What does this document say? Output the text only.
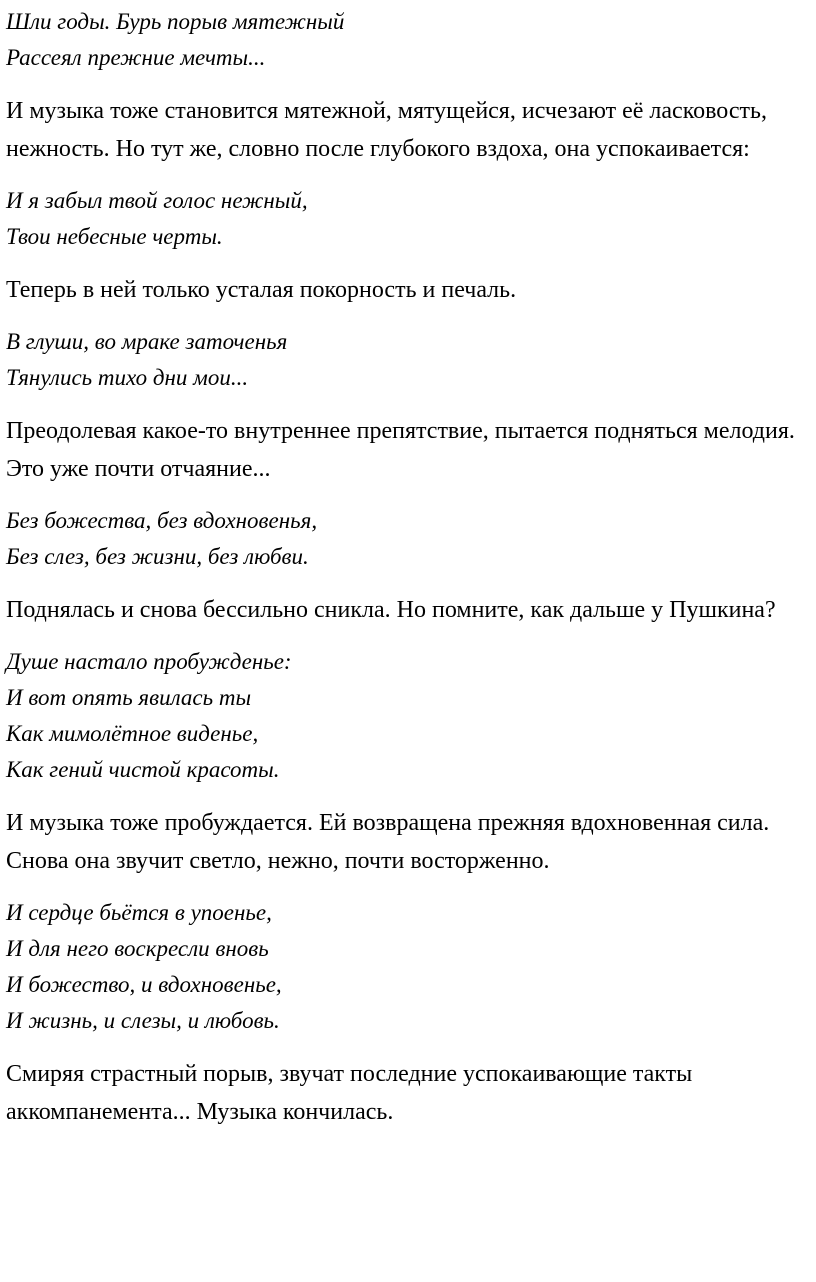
Шли годы. Бурь порыв мятежный
Рассеял прежние мечты...

И музыка тоже становится мятежной, мятущейся, исчезают её ласковость, нежность. Но тут же, словно после глубокого вздоха, она успокаивается:

И я забыл твой голос нежный,
Твои небесные черты.

Теперь в ней только усталая покорность и печаль.

В глуши, во мраке заточенья
Тянулись тихо дни мои...

Преодолевая какое-то внутреннее препятствие, пытается подняться мелодия. Это уже почти отчаяние...

Без божества, без вдохновенья,
Без слез, без жизни, без любви.

Поднялась и снова бессильно сникла. Но помните, как дальше у Пушкина?

Душе настало пробужденье:
И вот опять явилась ты
Как мимолётное виденье,
Как гений чистой красоты.

И музыка тоже пробуждается. Ей возвращена прежняя вдохновенная сила. Снова она звучит светло, нежно, почти восторженно.

И сердце бьётся в упоенье,
И для него воскресли вновь
И божество, и вдохновенье,
И жизнь, и слезы, и любовь.

Смиряя страстный порыв, звучат последние успокаивающие такты аккомпанемента... Музыка кончилась.
